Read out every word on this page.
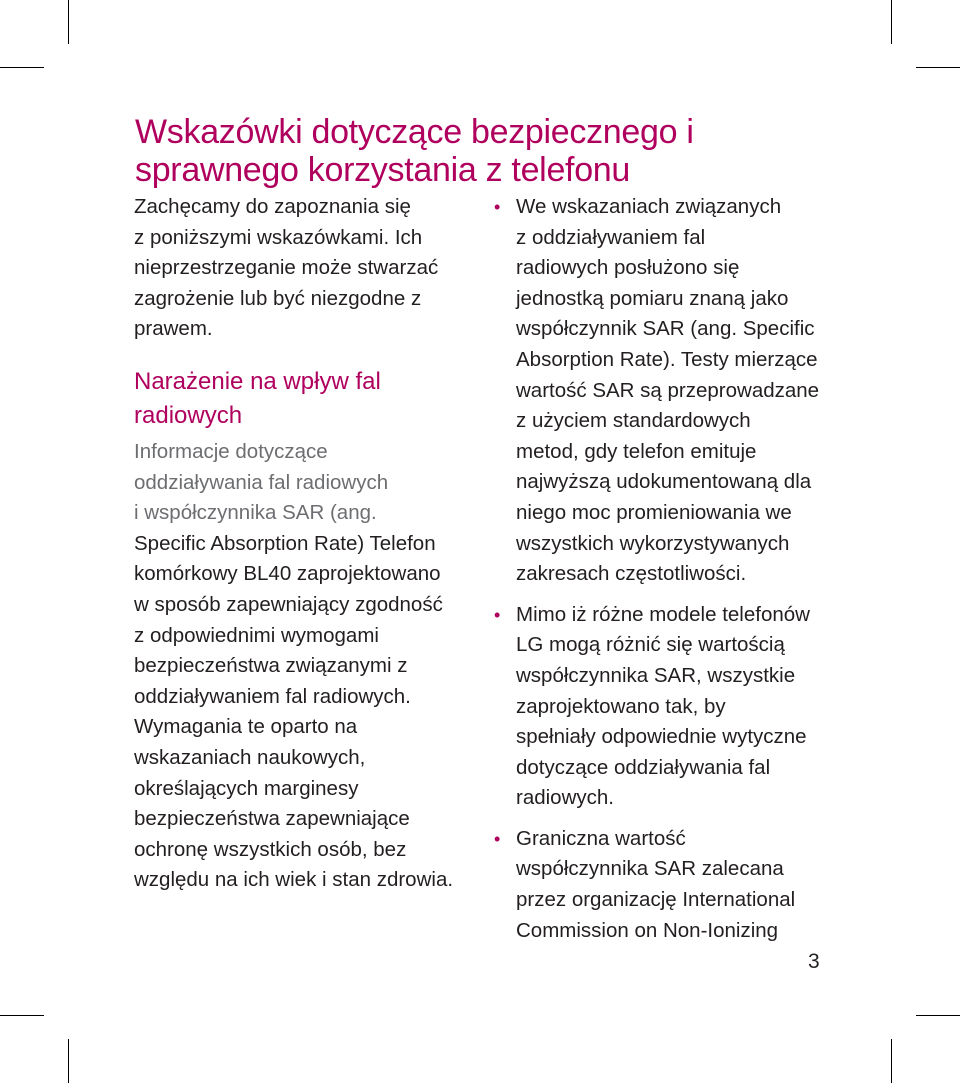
Wskazówki dotyczące bezpiecznego i sprawnego korzystania z telefonu

Zachęcamy do zapoznania się
z poniższymi wskazówkami. Ich
nieprzestrzeganie może stwarzać
zagrożenie lub być niezgodne z
prawem.

Narażenie na wpływ fal
radiowych

Informacje dotyczące
oddziaływania fal radiowych
i współczynnika SAR (ang.

Specific Absorption Rate) Telefon
komórkowy BL40 zaprojektowano
w sposób zapewniający zgodność
z odpowiednimi wymogami
bezpieczeństwa związanymi z
oddziaływaniem fal radiowych.
Wymagania te oparto na
wskazaniach naukowych,
określających marginesy
bezpieczeństwa zapewniające
ochronę wszystkich osób, bez
względu na ich wiek i stan zdrowia.

• We wskazaniach związanych
z oddziaływaniem fal
radiowych posłużono się
jednostką pomiaru znaną jako
współczynnik SAR (ang. Specific
Absorption Rate). Testy mierzące
wartość SAR są przeprowadzane
z użyciem standardowych
metod, gdy telefon emituje
najwyższą udokumentowaną dla
niego moc promieniowania we
wszystkich wykorzystywanych
zakresach częstotliwości.
• Mimo iż różne modele telefonów
LG mogą różnić się wartością
współczynnika SAR, wszystkie
zaprojektowano tak, by
spełniały odpowiednie wytyczne
dotyczące oddziaływania fal
radiowych.
• Graniczna wartość
współczynnika SAR zalecana
przez organizację International
Commission on Non-Ionizing
3
